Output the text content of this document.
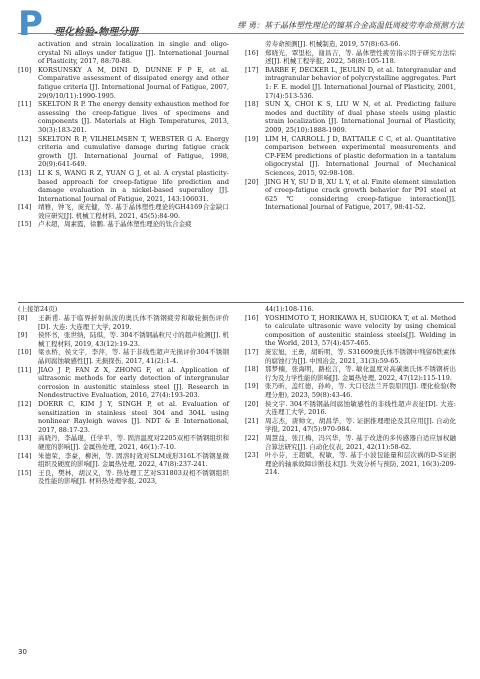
P 理化检验-物理分册
缪 勇：基于晶体塑性理论的镍基合金高温低周疲劳寿命预测方法

activation and strain localization in single and oligo-crystal Ni alloys under fatigue [J]. International Journal of Plasticity, 2017, 88:70-88.

[10]	KORSUNSKY A M, DINI D, DUNNE F P E, et al. Comparative assessment of dissipated energy and other fatigue criteria [J]. International Journal of Fatigue, 2007, 29(9/10/11):1990-1995.

[11]	SKELTON R P. The energy density exhaustion method for assessing the creep-fatigue lives of specimens and components [J]. Materials at High Temperatures, 2013, 30(3):183-201.

[12]	SKELTON R P, VILHELMSEN T, WEBSTER G A. Energy criteria and cumulative damage during fatigue crack growth [J]. International Journal of Fatigue, 1998, 20(9):641-649.

[13]	LI K S, WANG R Z, YUAN G J, et al. A crystal plasticity-based approach for creep-fatigue life prediction and damage evaluation in a nickel-based superalloy [J]. International Journal of Fatigue, 2021, 143:106031.

[14]	靖雅，钟飞，庞充健，等. 基于晶体塑性理论的GH4169合金缺口效应研究[J]. 机械工程材料, 2021, 45(5):84-90.

[15]	卢术超，周素霞，徐鹏. 基于晶体塑性理论的钛合金疲

劳寿命预测[J]. 机械制造, 2019, 57(8):63-66.

[16]	郑晓光，覃里松，谢昌吉，等. 晶体塑性疲劳指示因子研究方法综述[J]. 机械工程学报, 2022, 58(8):105-118.

[17]	BARBE F, DECKER L, JEULIN D, et al. Intergranular and intragranular behavior of polycrystalline aggregates. Part 1: F. E. model [J]. International Journal of Plasticity, 2001, 17(4):513-536.

[18]	SUN X, CHOI K S, LIU W N, et al. Predicting failure modes and ductility of dual phase steels using plastic strain localization [J]. International Journal of Plasticity, 2009, 25(10):1888-1909.

[19]	LIM H, CARROLL J D, BATTAILE C C, et al. Quantitative comparison between experimental measurements and CP-FEM predictions of plastic deformation in a tantalum oligocrystal [J]. International Journal of Mechanical Sciences, 2015, 92:98-108.

[20]	JING H Y, SU D B, XU L Y, et al. Finite element simulation of creep-fatigue crack growth behavior for P91 steel at 625 ℃ considering creep-fatigue interaction[J]. International Journal of Fatigue, 2017, 98:41-52.

(上接第24页)

[8]	王新甫. 基于临界折射纵波的奥氏体不锈钢疲劳和敏轮损伤评价[D]. 大连: 大连理工大学, 2019.

[9]	侯怀书，张世纳，陆琪，等. 304不锈钢晶粒尺寸的超声检测[J]. 机械工程材料, 2019, 43(12):19-23.

[10]	梁永桥，侯文宇，李萍，等. 基于非线性超声无损评价304不锈钢晶间腐蚀敏感性[J]. 无损探伤, 2017, 41(2):1-4.

[11]	JIAO J P, FAN Z X, ZHONG F, et al. Application of ultrasonic methods for early detection of intergranular corrosion in austenitic stainless steel [J]. Research in Nondestructive Evaluation, 2016, 27(4):193-203.

[12]	DOERR C, KIM J Y, SINGH P, et al. Evaluation of sensitization in stainless steel 304 and 304L using nonlinear Rayleigh waves [J]. NDT & E International, 2017, 88:17-23.

[13]	高晓丹，李晶琨，任学平，等. 固溶温度对2205双相不锈钢组织和硬度的影响[J]. 金属热处理, 2021, 46(1):7-10.

[14]	朱德荣，李豪，柳洲，等. 固溶时效对SLM成形316L不锈钢显微组织及硬度的影响[J]. 金属热处理, 2022, 47(8):237-241.

[15]	王良，樊林，胡汉义，等. 热处理工艺对S31803双相不锈钢组织及性能的影响[J]. 材料热处理学报, 2023,

44(1):108-116.

[16]	YOSHIMOTO T, HORIKAWA H, SUGIOKA T, et al. Method to calculate ultrasonic wave velocity by using chemical composition of austenitic stainless steels[J]. Welding in the World, 2013, 57(4):457-465.

[17]	庞宏旭，王勇，胡昕明，等. S31609奥氏体不锈钢中残留δ铁素体的腐蚀行为[J]. 中国冶金, 2021, 31(3):59-65.

[18]	那梦楠，张海明，路松言，等. 敏化温度对高碳奥氏体不锈钢析出行为及力学性能的影响[J]. 金属热处理, 2022, 47(12):115-119.

[19]	张乃昕，盖红德，孙岭，等. 大口径法兰开裂原因[J]. 理化检验(物理分册), 2023, 59(8):43-46.

[20]	侯文宇. 304不锈钢晶间腐蚀敏感性的非线性超声表征[D]. 大连: 大连理工大学, 2016.

[21]	周志杰，唐帅文，胡昌华，等. 证据推理理论及其应用[J]. 自动化学报, 2021, 47(5):970-984.

[22]	周慧益，张江梅，冯兴华，等. 基于改进的多传感器自适应加权融合算法研究[J]. 自动化仪表, 2021, 42(11):58-62.

[23]	叶小芬，王超斌，祝敏，等. 基于小波包能量和层次祸的D-S证据理论的轴承故障诊断技术[J]. 失效分析与预防, 2021, 16(3):209-214.

30
